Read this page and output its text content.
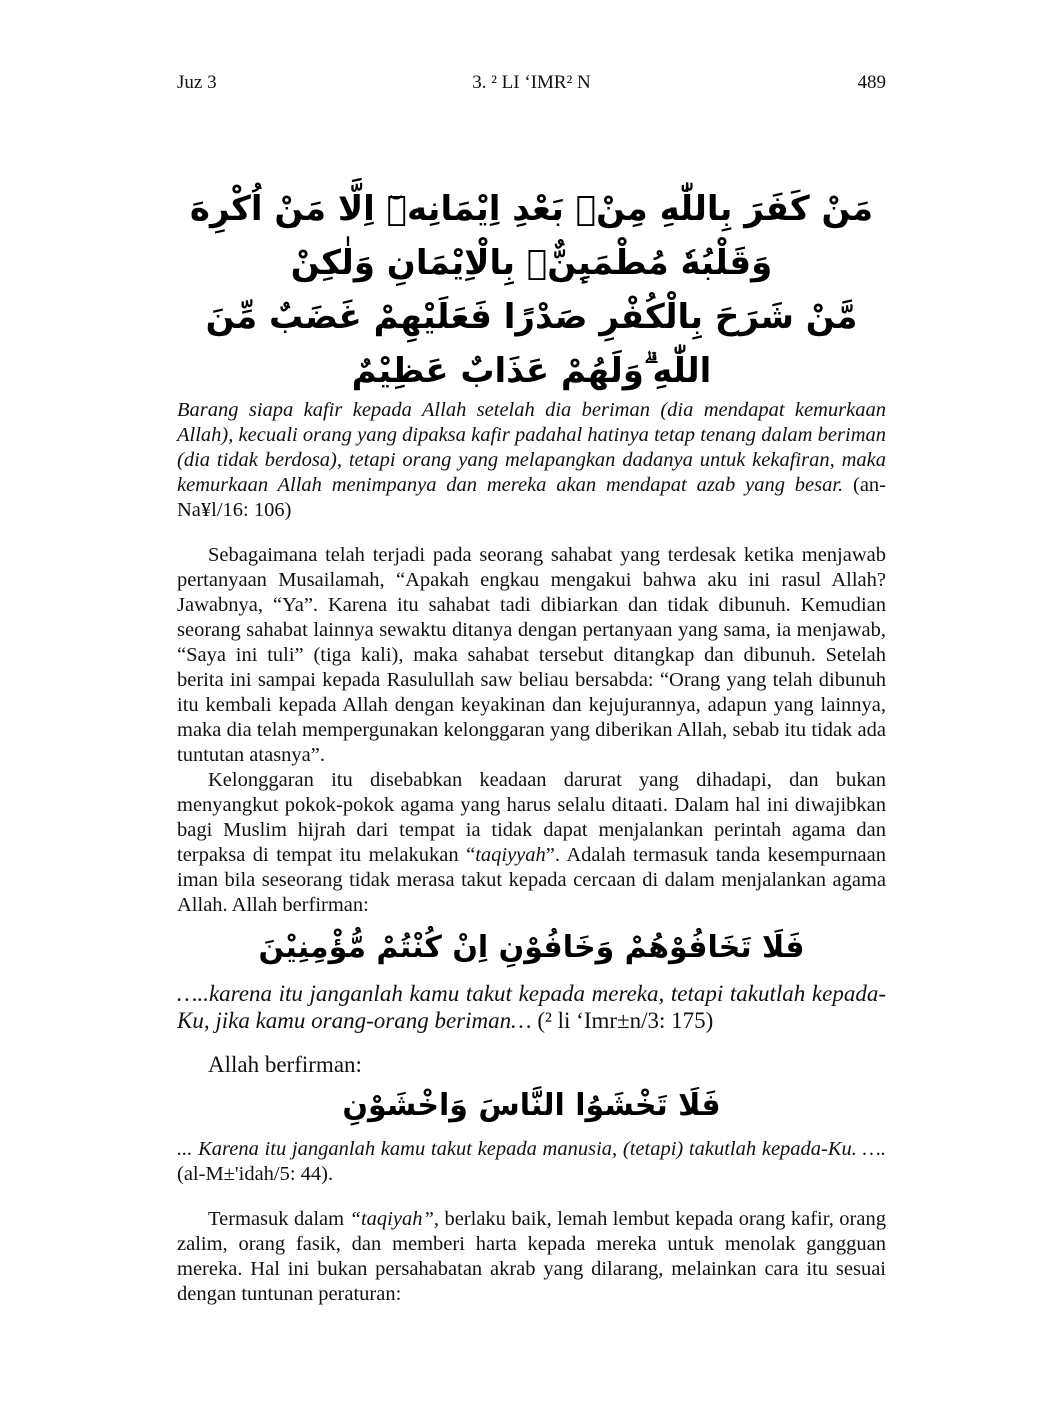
Juz 3	3. ² LI ‘IMR² N	489
مَنْ كَفَرَ بِاللّٰهِ مِنْۢ بَعْدِ اِيْمَانِهٖٓ اِلَّا مَنْ اُكْرِهَ وَقَلْبُهٗ مُطْمَىِٕنٌّۢ بِالْاِيْمَانِ وَلٰكِنْ
مَّنْ شَرَحَ بِالْكُفْرِ صَدْرًا فَعَلَيْهِمْ غَضَبٌ مِّنَ اللّٰهِ ۗوَلَهُمْ عَذَابٌ عَظِيْمٌ

Barang siapa kafir kepada Allah setelah dia beriman (dia mendapat kemurkaan Allah), kecuali orang yang dipaksa kafir padahal hatinya tetap tenang dalam beriman (dia tidak berdosa), tetapi orang yang melapangkan dadanya untuk kekafiran, maka kemurkaan Allah menimpanya dan mereka akan mendapat azab yang besar. (an-Na¥l/16: 106)

Sebagaimana telah terjadi pada seorang sahabat yang terdesak ketika menjawab pertanyaan Musailamah, “Apakah engkau mengakui bahwa aku ini rasul Allah? Jawabnya, “Ya”. Karena itu sahabat tadi dibiarkan dan tidak dibunuh. Kemudian seorang sahabat lainnya sewaktu ditanya dengan pertanyaan yang sama, ia menjawab, “Saya ini tuli” (tiga kali), maka sahabat tersebut ditangkap dan dibunuh. Setelah berita ini sampai kepada Rasulullah saw beliau bersabda: “Orang yang telah dibunuh itu kembali kepada Allah dengan keyakinan dan kejujurannya, adapun yang lainnya, maka dia telah mempergunakan kelonggaran yang diberikan Allah, sebab itu tidak ada tuntutan atasnya”.

Kelonggaran itu disebabkan keadaan darurat yang dihadapi, dan bukan menyangkut pokok-pokok agama yang harus selalu ditaati. Dalam hal ini diwajibkan bagi Muslim hijrah dari tempat ia tidak dapat menjalankan perintah agama dan terpaksa di tempat itu melakukan “taqiyyah”. Adalah termasuk tanda kesempurnaan iman bila seseorang tidak merasa takut kepada cercaan di dalam menjalankan agama Allah. Allah berfirman:

فَلَا تَخَافُوْهُمْ وَخَافُوْنِ اِنْ كُنْتُمْ مُّؤْمِنِيْنَ

…..karena itu janganlah kamu takut kepada mereka, tetapi takutlah kepada-Ku, jika kamu orang-orang beriman… (² li ‘Imr±n/3: 175)

Allah berfirman:

فَلَا تَخْشَوُا النَّاسَ وَاخْشَوْنِ

... Karena itu janganlah kamu takut kepada manusia, (tetapi) takutlah kepada-Ku. …. (al-M±'idah/5: 44).

Termasuk dalam “taqiyah”, berlaku baik, lemah lembut kepada orang kafir, orang zalim, orang fasik, dan memberi harta kepada mereka untuk menolak gangguan mereka. Hal ini bukan persahabatan akrab yang dilarang, melainkan cara itu sesuai dengan tuntunan peraturan:
